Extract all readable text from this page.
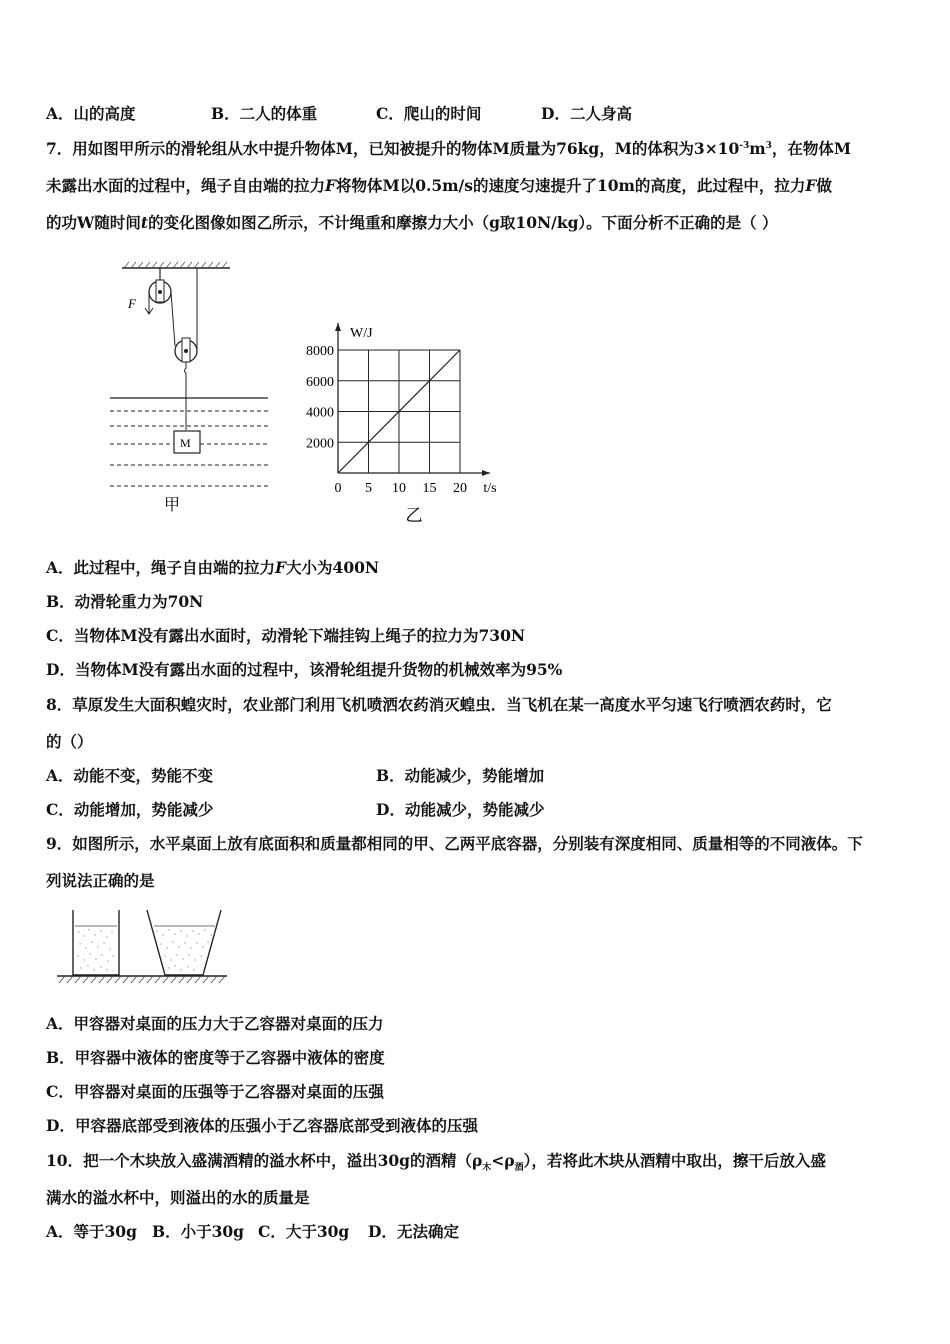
A．山的高度	B．二人的体重	C．爬山的时间	D．二人身高
7．用如图甲所示的滑轮组从水中提升物体M，已知被提升的物体M质量为76kg，M的体积为$3\times 10^{-3}m^3$，在物体M
未露出水面的过程中，绳子自由端的拉力F将物体M以0.5m/s的速度匀速提升了10m的高度，此过程中，拉力F做
的功W随时间t的变化图像如图乙所示，不计绳重和摩擦力大小（g取10N/kg）。下面分析不正确的是（ ）
F
M
甲
0 5 10 15 20
2000
4000
6000
8000
t/s
W/J
乙
A．此过程中，绳子自由端的拉力F大小为400N
B．动滑轮重力为70N
C．当物体M没有露出水面时，动滑轮下端挂钩上绳子的拉力为730N
D．当物体M没有露出水面的过程中，该滑轮组提升货物的机械效率为95%
8．草原发生大面积蝗灾时，农业部门利用飞机喷洒农药消灭蝗虫．当飞机在某一高度水平匀速飞行喷洒农药时，它
的（）
A．动能不变，势能不变	B．动能减少，势能增加
C．动能增加，势能减少	D．动能减少，势能减少
9．如图所示，水平桌面上放有底面积和质量都相同的甲、乙两平底容器，分别装有深度相同、质量相等的不同液体。下
列说法正确的是
A．甲容器对桌面的压力大于乙容器对桌面的压力
B．甲容器中液体的密度等于乙容器中液体的密度
C．甲容器对桌面的压强等于乙容器对桌面的压强
D．甲容器底部受到液体的压强小于乙容器底部受到液体的压强
10．把一个木块放入盛满酒精的溢水杯中，溢出30g的酒精$(\rho_木<\rho_酒)$，若将此木块从酒精中取出，擦干后放入盛
满水的溢水杯中，则溢出的水的质量是
A．等于30g B．小于30g C．大于30g D．无法确定
